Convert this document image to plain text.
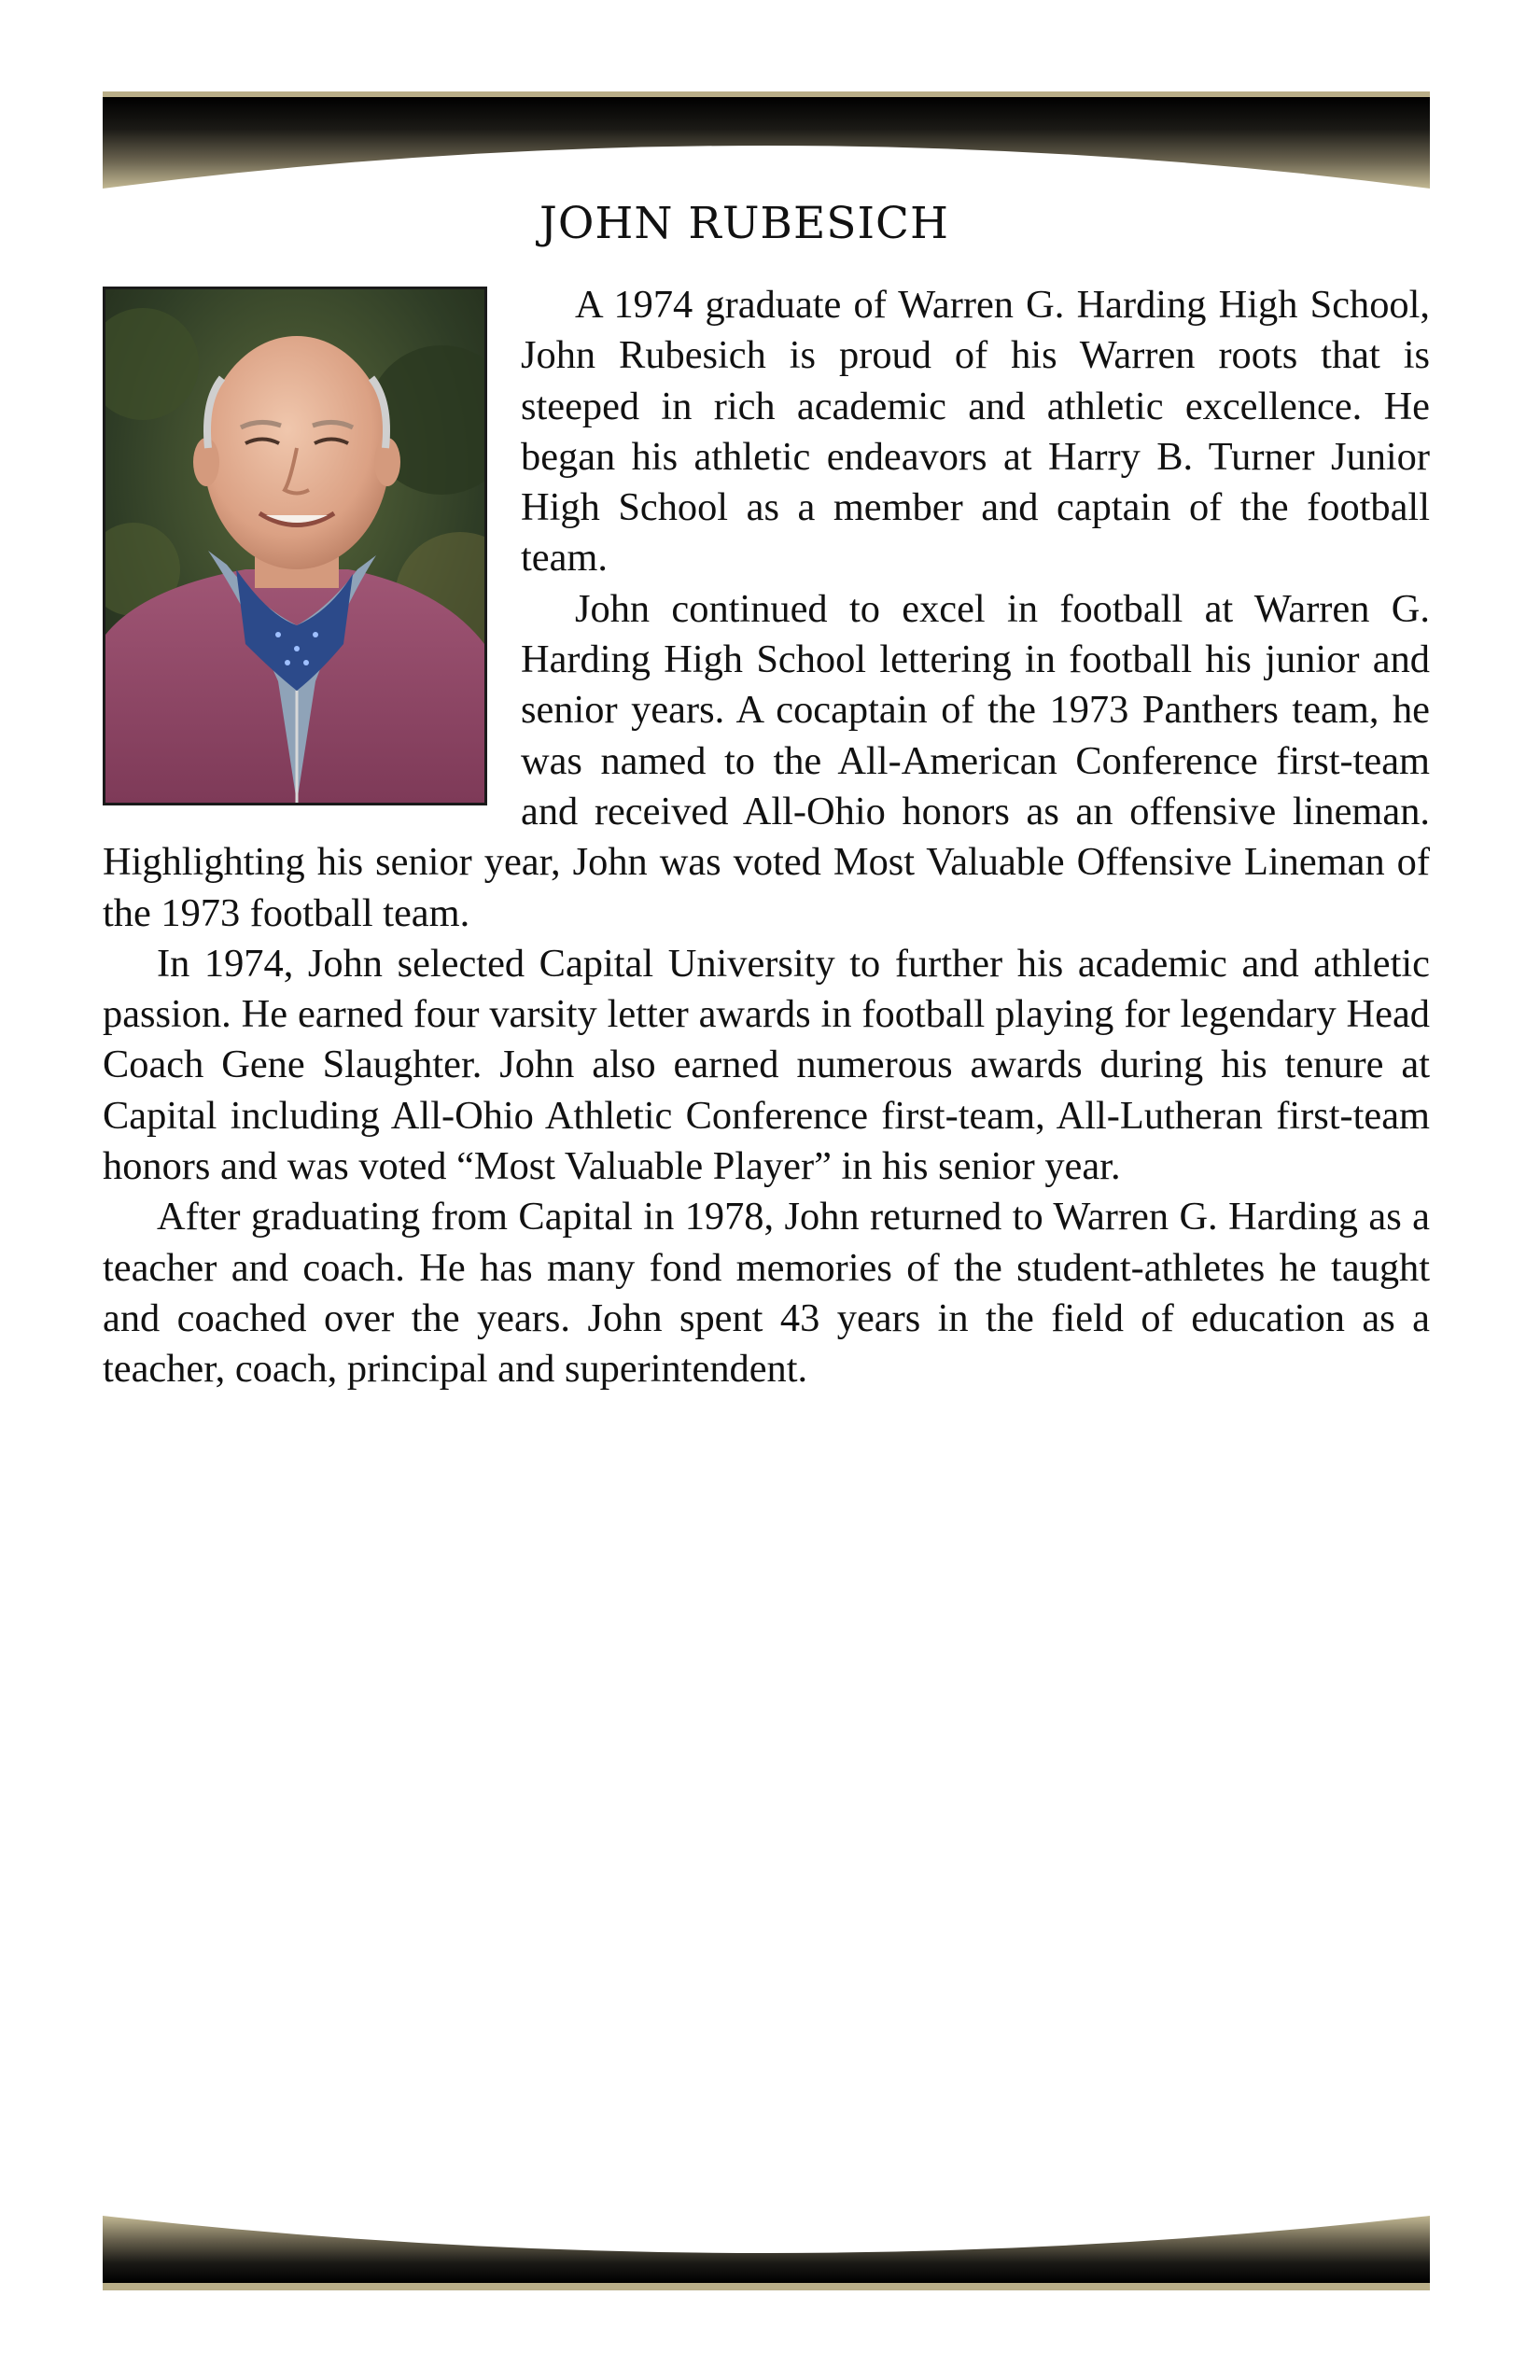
JOHN RUBESICH

A 1974 graduate of Warren G. Harding High School, John Rubesich is proud of his Warren roots that is steeped in rich academic and athletic excellence. He began his athletic endeavors at Harry B. Turner Junior High School as a member and captain of the football team.

John continued to excel in football at Warren G. Harding High School lettering in football his junior and senior years. A cocaptain of the 1973 Panthers team, he was named to the All-American Conference first-team and received All-Ohio honors as an offensive lineman. Highlighting his senior year, John was voted Most Valuable Offensive Lineman of the 1973 football team.

In 1974, John selected Capital University to further his academic and athletic passion. He earned four varsity letter awards in football playing for legendary Head Coach Gene Slaughter. John also earned numerous awards during his tenure at Capital including All-Ohio Athletic Conference first-team, All-Lutheran first-team honors and was voted “Most Valuable Player” in his senior year.

After graduating from Capital in 1978, John returned to Warren G. Harding as a teacher and coach. He has many fond memories of the student-athletes he taught and coached over the years. John spent 43 years in the field of education as a teacher, coach, principal and superintendent.
